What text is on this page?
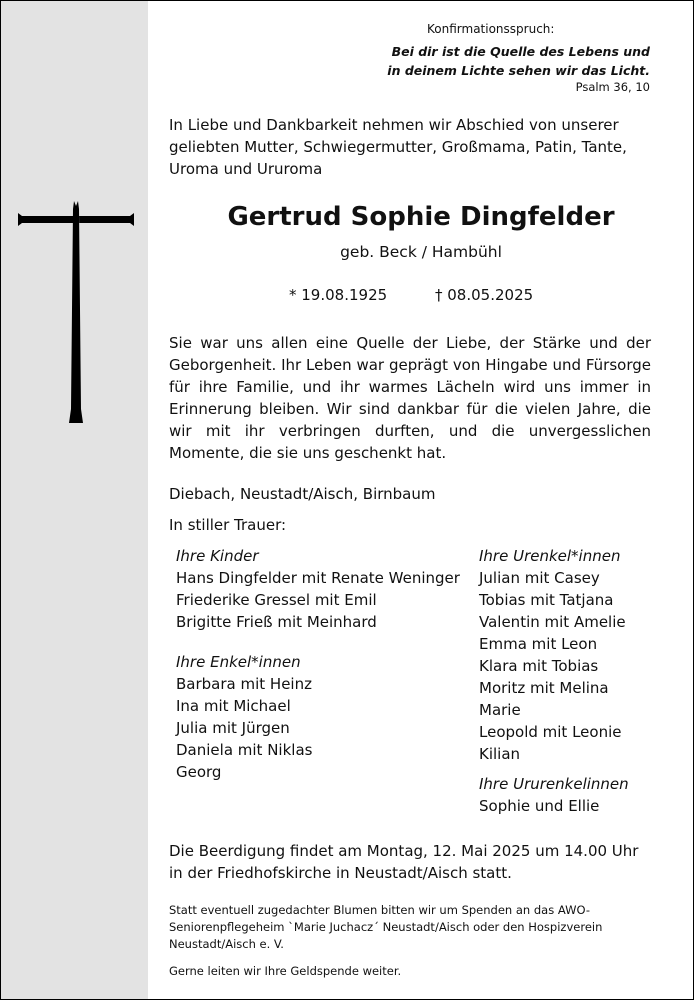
Konfirmationsspruch:
Bei dir ist die Quelle des Lebens und
in deinem Lichte sehen wir das Licht.
Psalm 36, 10
In Liebe und Dankbarkeit nehmen wir Abschied von unserer geliebten Mutter, Schwiegermutter, Großmama, Patin, Tante, Uroma und Ururoma
Gertrud Sophie Dingfelder
geb. Beck / Hambühl
* 19.08.1925	† 08.05.2025
Sie war uns allen eine Quelle der Liebe, der Stärke und der Geborgenheit. Ihr Leben war geprägt von Hingabe und Fürsorge für ihre Familie, und ihr warmes Lächeln wird uns immer in Erinnerung bleiben. Wir sind dankbar für die vielen Jahre, die wir mit ihr verbringen durften, und die unvergesslichen Momente, die sie uns geschenkt hat.
Diebach, Neustadt/Aisch, Birnbaum
In stiller Trauer:
Ihre Kinder
Hans Dingfelder mit Renate Weninger
Friederike Gressel mit Emil
Brigitte Frieß mit Meinhard
Ihre Enkel*innen
Barbara mit Heinz
Ina mit Michael
Julia mit Jürgen
Daniela mit Niklas
Georg
Ihre Urenkel*innen
Julian mit Casey
Tobias mit Tatjana
Valentin mit Amelie
Emma mit Leon
Klara mit Tobias
Moritz mit Melina
Marie
Leopold mit Leonie
Kilian
Ihre Ururenkelinnen
Sophie und Ellie
Die Beerdigung findet am Montag, 12. Mai 2025 um 14.00 Uhr in der Friedhofskirche in Neustadt/Aisch statt.
Statt eventuell zugedachter Blumen bitten wir um Spenden an das AWO-Seniorenpflegeheim `Marie Juchacz´ Neustadt/Aisch oder den Hospizverein Neustadt/Aisch e. V.
Gerne leiten wir Ihre Geldspende weiter.
